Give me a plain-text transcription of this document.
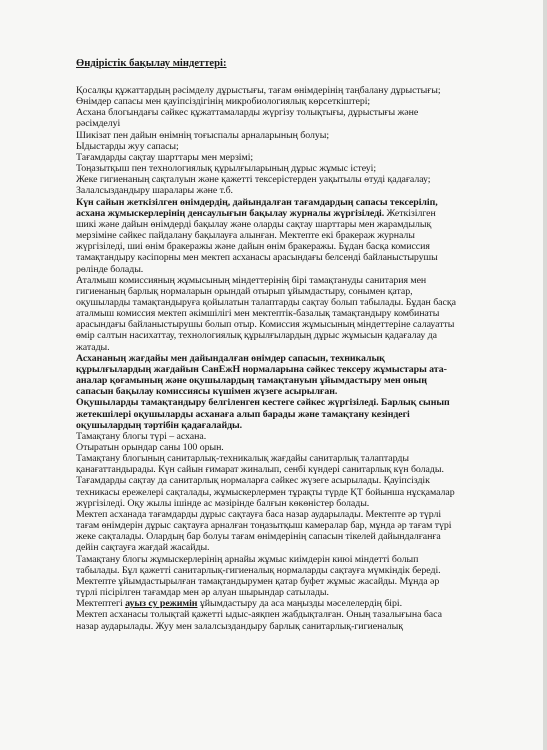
Өндірістік бақылау міндеттері:
Қосалқы құжаттардың рәсімделу дұрыстығы, тағам өнімдерінің таңбалану дұрыстығы;
Өнімдер сапасы мен қауіпсіздігінің микробиологиялық көрсеткіштері;
Асхана блогындағы сәйкес құжаттамаларды жүргізу толықтығы, дұрыстығы және
рәсімделуі
Шикізат пен дайын өнімнің тоғыспалы арналарының болуы;
Ыдыстарды жуу сапасы;
Тағамдарды сақтау шарттары мен мерзімі;
Тоңазытқыш пен технологиялық құрылғыларының дұрыс жұмыс істеуі;
Жеке гигиенаның сақталуын және қажетті тексерістерден уақытылы өтуді қадағалау;
Залалсыздандыру шаралары және т.б.
Күн сайын жеткізілген өнімдердің, дайындалған тағамдардың сапасы тексеріліп,
асхана жұмыскерлерінің денсаулығын бақылау журналы жүргізіледі. Жеткізілген
шикі және дайын өнімдерді бақылау және оларды сақтау шарттары мен жарамдылық
мерзіміне сәйкес пайдалану бақылауға алынған. Мектепте екі бракераж журналы
жүргізіледі, шиі өнім бракеражы және дайын өнім бракеражы. Бұдан басқа комиссия
тамақтандыру кәсіпорны мен мектеп асханасы арасындағы белсенді байланыстырушы
рөлінде болады.
Аталмыш комиссияның жұмысының міндеттерінің бірі тамақтануды санитария мен
гигиенаның барлық нормаларын орындай отырып ұйымдастыру, сонымен қатар,
оқушыларды тамақтандыруға қойылатын талаптарды сақтау болып табылады. Бұдан басқа
аталмыш комиссия мектеп әкімшілігі мен мектептік-базалық тамақтандыру комбинаты
арасындағы байланыстырушы болып отыр. Комиссия жұмысының міндеттеріне салауатты
өмір салтын насихаттау, технологиялық құрылғылардың дұрыс жұмысын қадағалау да
жатады.
Асхананың жағдайы мен дайындалған өнімдер сапасын, техникалық
құрылғылардың жағдайын СанЕжН нормаларына сәйкес тексеру жұмыстары ата-
аналар қоғамының және оқушылардың тамақтануын ұйымдастыру мен оның
сапасын бақылау комиссиясы күшімен жүзеге асырылған.
Оқушыларды тамақтандыру белгіленген кестеге сәйкес жүргізіледі. Барлық сынып
жетекшілері оқушыларды асханаға алып барады және тамақтану кезіндегі
оқушылардың тәртібін қадағалайды.
Тамақтану блогы түрі – асхана.
Отыратын орындар саны 100 орын.
Тамақтану блогының санитарлық-техникалық жағдайы санитарлық талаптарды
қанағаттандырады. Күн сайын ғимарат жиналып, сенбі күндері санитарлық күн болады.
Тағамдарды сақтау да санитарлық нормаларға сәйкес жүзеге асырылады. Қауіпсіздік
техникасы ережелері сақталады, жұмыскерлермен тұрақты түрде ҚТ бойынша нұсқамалар
жүргізіледі. Оқу жылы ішінде ас мәзірінде балғын көкөністер болады.
Мектеп асханада тағамдарды дұрыс сақтауға баса назар аударылады. Мектепте әр түрлі
тағам өнімдерін дұрыс сақтауға арналған тоңазытқыш камералар бар, мұнда әр тағам түрі
жеке сақталады. Олардың бар болуы тағам өнімдерінің сапасын тікелей дайындалғанға
дейін сақтауға жағдай жасайды.
Тамақтану блогы жұмыскерлерінің арнайы жұмыс киімдерін киюі міндетті болып
табылады. Бұл қажетті санитарлық-гигиеналық нормаларды сақтауға мүмкіндік береді.
Мектепте ұйымдастырылған тамақтандырумен қатар буфет жұмыс жасайды. Мұнда әр
түрлі пісірілген тағамдар мен әр алуан шырындар сатылады.
Мектептегі ауыз су режимін ұйымдастыру да аса маңызды мәселелердің бірі.
Мектеп асханасы толықтай қажетті ыдыс-аяқпен жабдықталған. Оның тазалығына баса
назар аударылады. Жуу мен залалсыздандыру барлық санитарлық-гигиеналық
